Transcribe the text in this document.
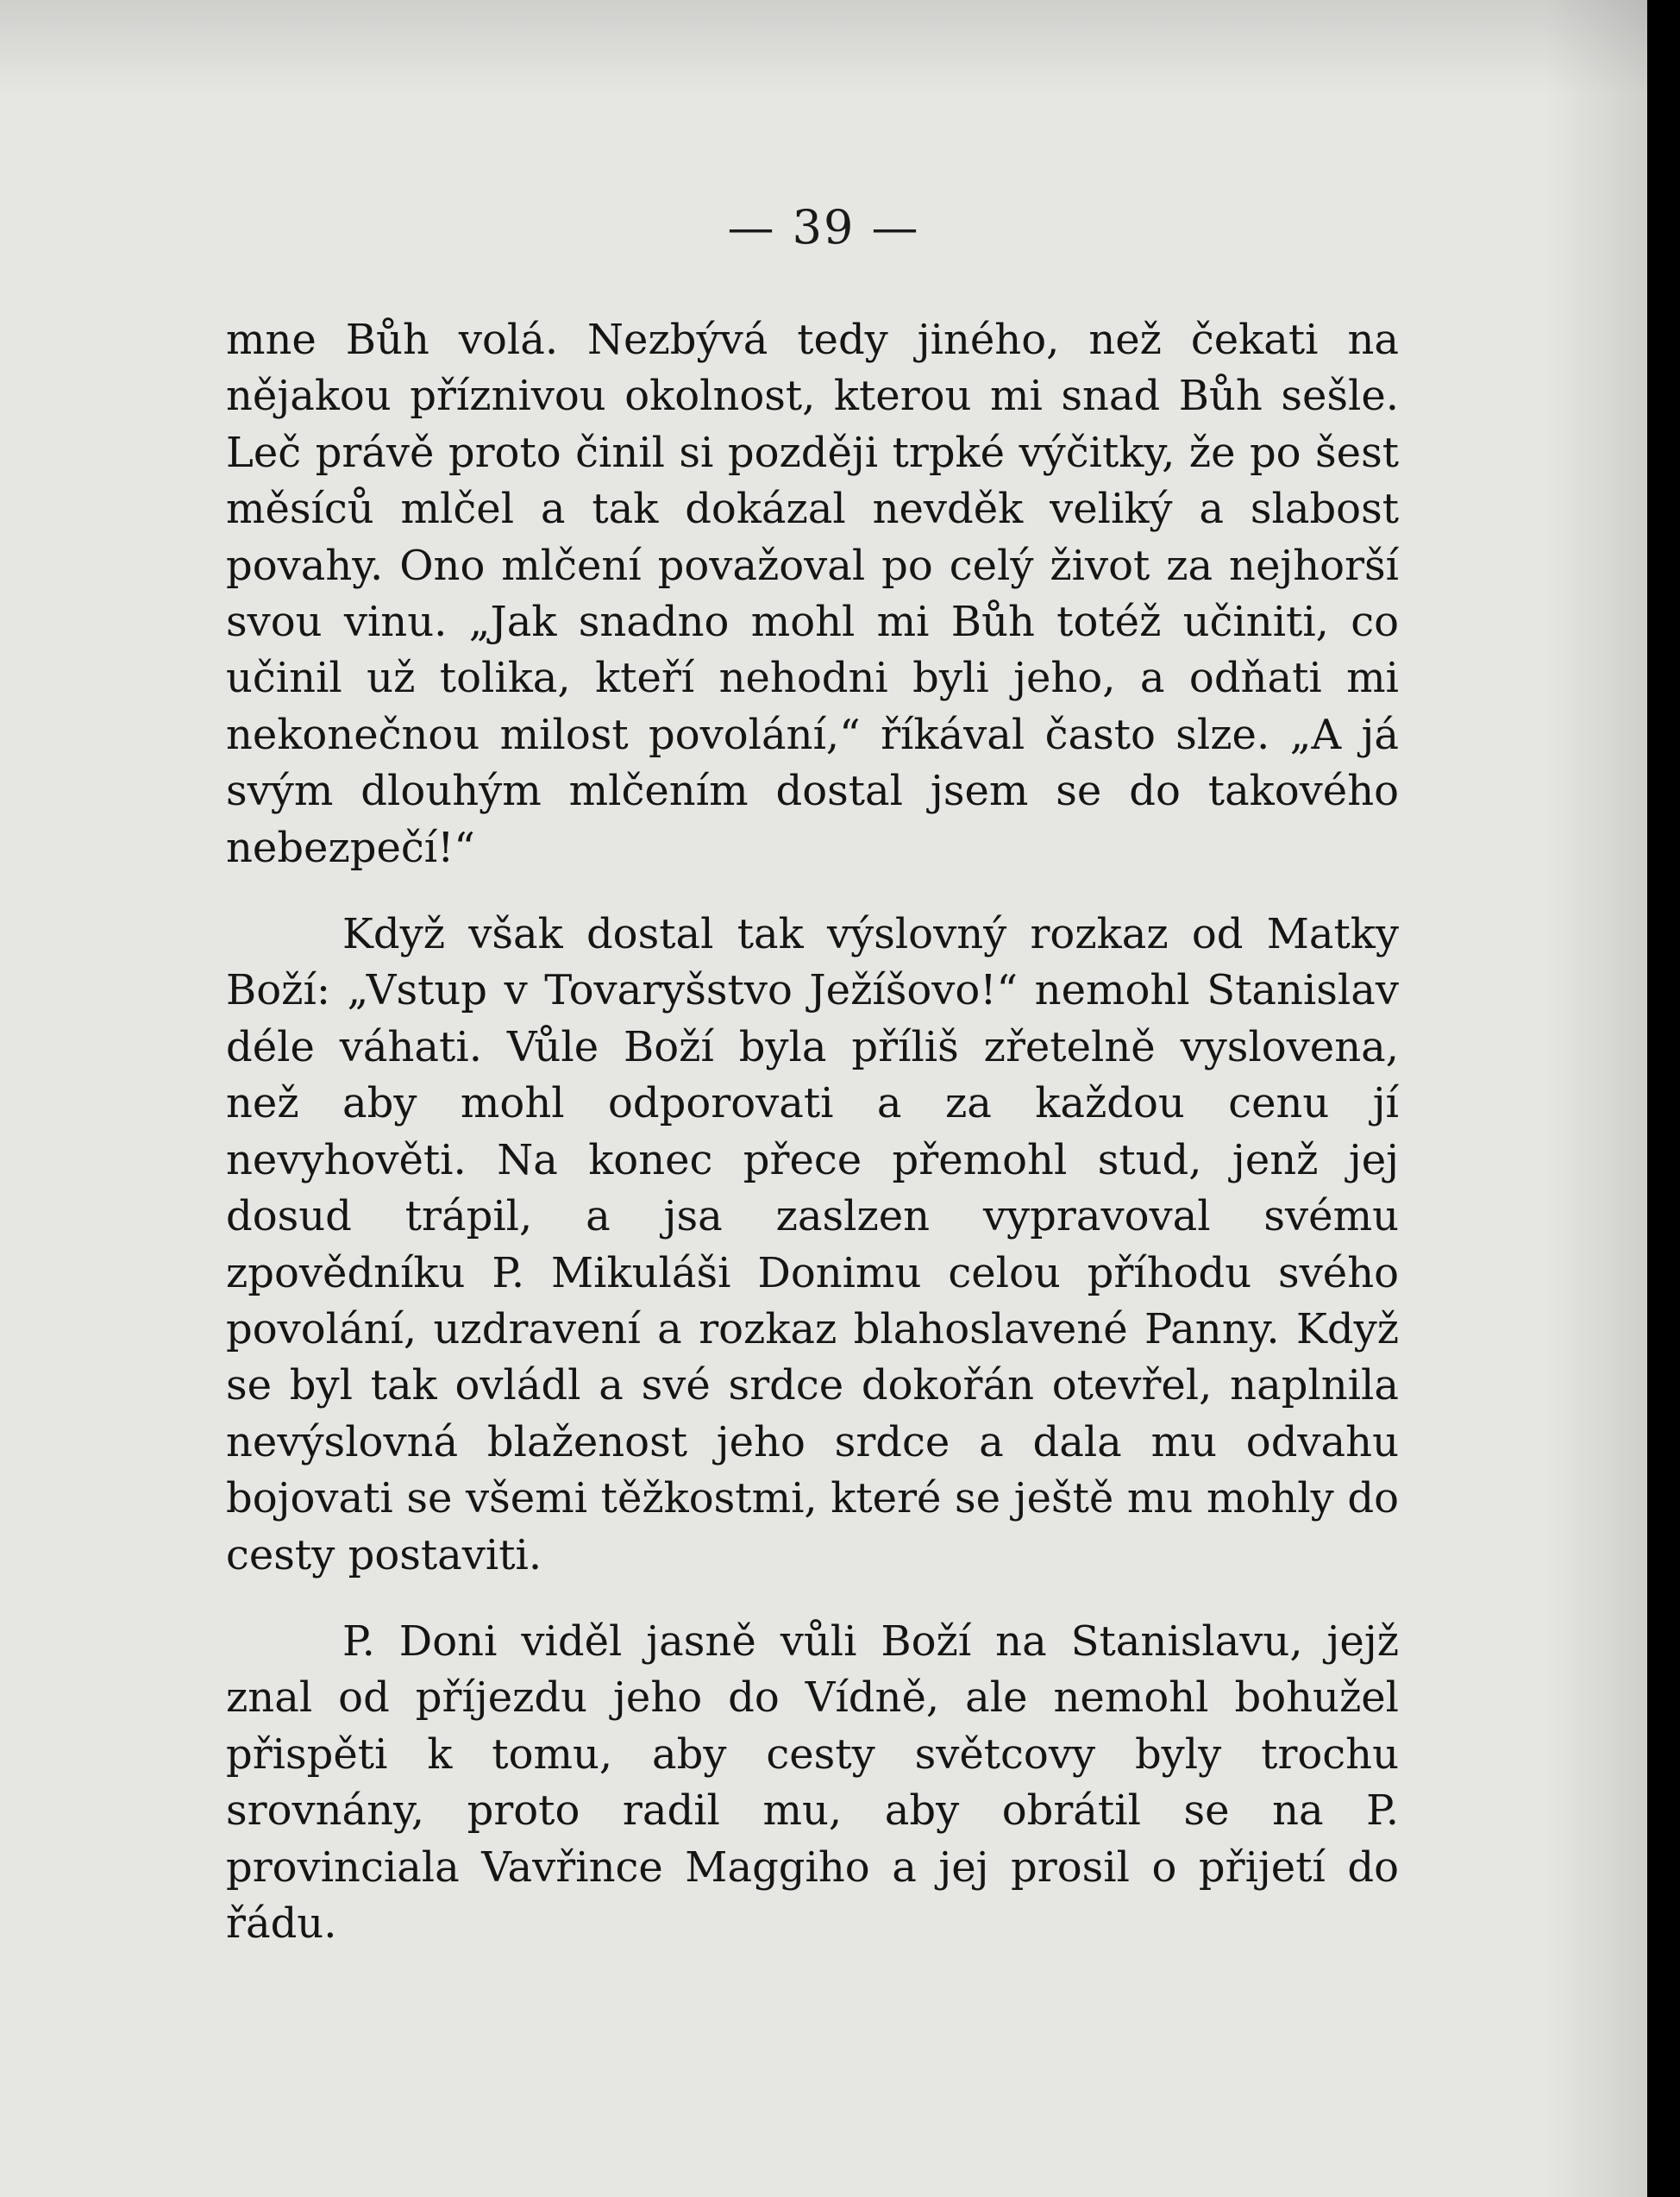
— 39 —

mne Bůh volá. Nezbývá tedy jiného, než čekati na nějakou příznivou okolnost, kterou mi snad Bůh sešle. Leč právě proto činil si později trpké výčitky, že po šest měsíců mlčel a tak dokázal nevděk veliký a slabost povahy. Ono mlčení považoval po celý život za nejhorší svou vinu. „Jak snadno mohl mi Bůh totéž učiniti, co učinil už tolika, kteří nehodni byli jeho, a odňati mi nekonečnou milost povolání,“ říkával často slze. „A já svým dlouhým mlčením dostal jsem se do takového nebezpečí!“

Když však dostal tak výslovný rozkaz od Matky Boží: „Vstup v Tovaryšstvo Ježíšovo!“ nemohl Stanislav déle váhati. Vůle Boží byla příliš zřetelně vyslovena, než aby mohl odporovati a za každou cenu jí nevyhověti. Na konec přece přemohl stud, jenž jej dosud trápil, a jsa zaslzen vypravoval svému zpovědníku P. Mikuláši Donimu celou příhodu svého povolání, uzdravení a rozkaz blahoslavené Panny. Když se byl tak ovládl a své srdce dokořán otevřel, naplnila nevýslovná blaženost jeho srdce a dala mu odvahu bojovati se všemi těžkostmi, které se ještě mu mohly do cesty postaviti.

P. Doni viděl jasně vůli Boží na Stanislavu, jejž znal od příjezdu jeho do Vídně, ale nemohl bohužel přispěti k tomu, aby cesty světcovy byly trochu srovnány, proto radil mu, aby obrátil se na P. provinciala Vavřince Maggiho a jej prosil o přijetí do řádu.
